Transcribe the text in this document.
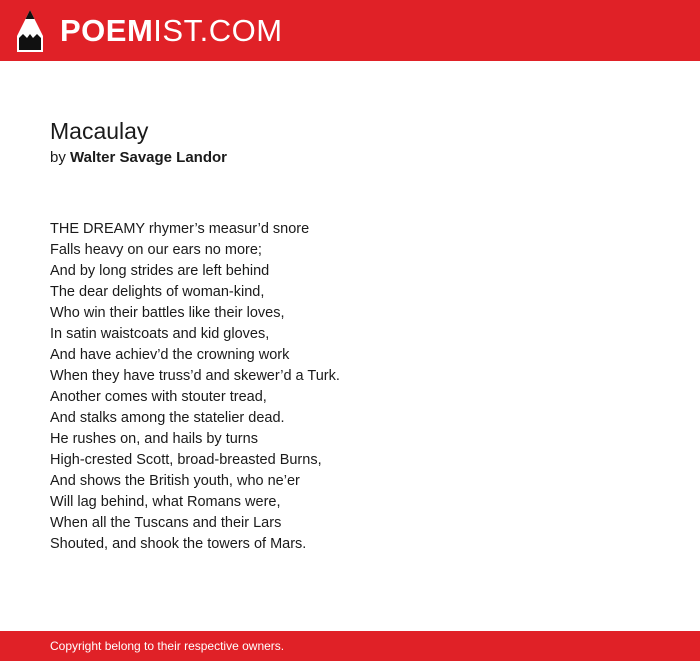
POEMIST.COM
Macaulay
by Walter Savage Landor
THE DREAMY rhymer’s measur’d snore
Falls heavy on our ears no more;
And by long strides are left behind
The dear delights of woman-kind,
Who win their battles like their loves,
In satin waistcoats and kid gloves,
And have achiev’d the crowning work
When they have truss’d and skewer’d a Turk.
Another comes with stouter tread,
And stalks among the statelier dead.
He rushes on, and hails by turns
High-crested Scott, broad-breasted Burns,
And shows the British youth, who ne’er
Will lag behind, what Romans were,
When all the Tuscans and their Lars
Shouted, and shook the towers of Mars.
Copyright belong to their respective owners.
